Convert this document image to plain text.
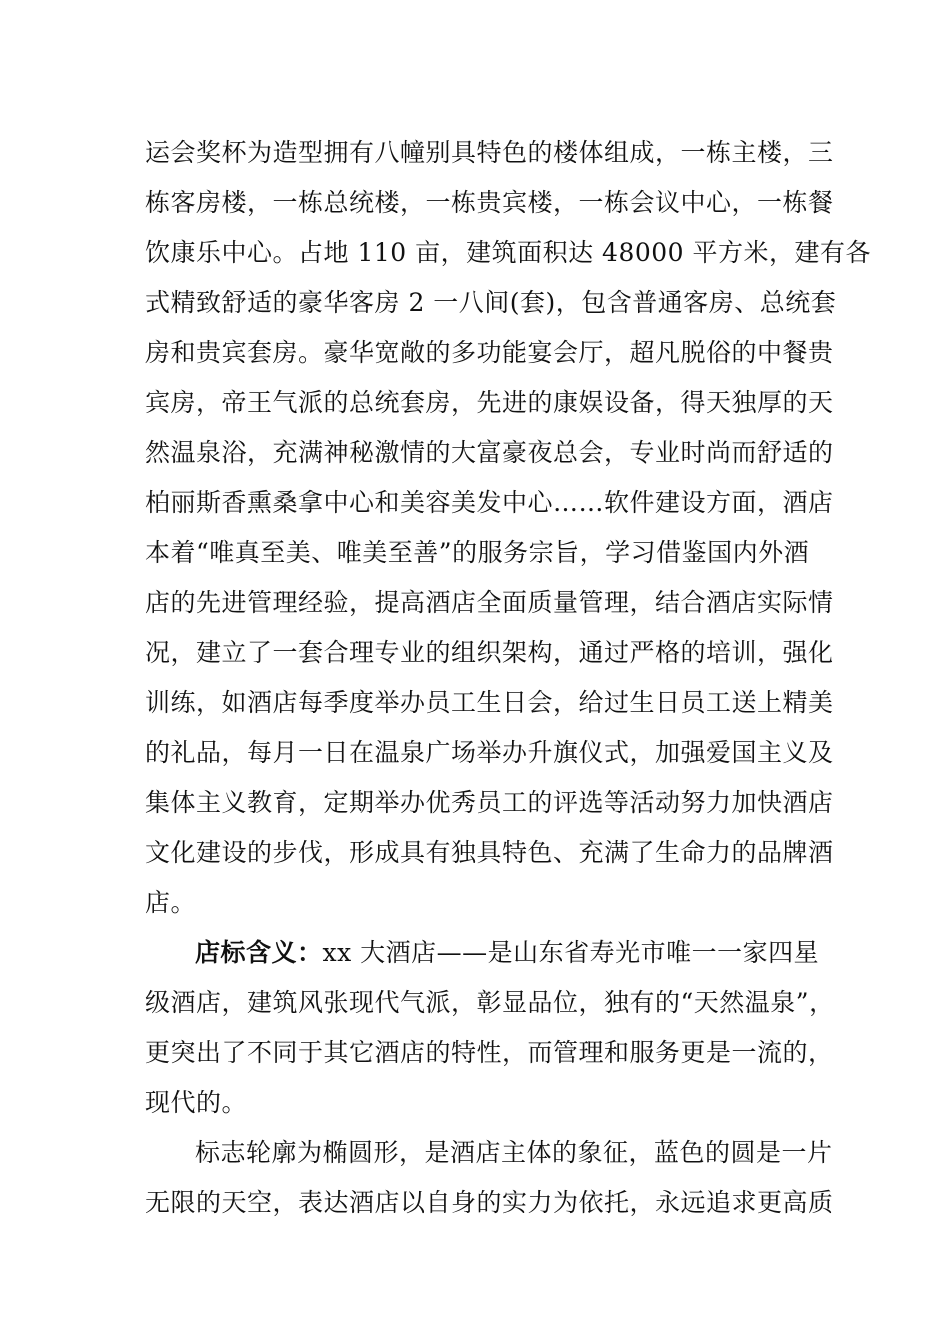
运会奖杯为造型拥有八幢别具特色的楼体组成，一栋主楼，三
栋客房楼，一栋总统楼，一栋贵宾楼，一栋会议中心，一栋餐
饮康乐中心。占地 110 亩，建筑面积达 48000 平方米，建有各
式精致舒适的豪华客房 2 一八间(套)，包含普通客房、总统套
房和贵宾套房。豪华宽敞的多功能宴会厅，超凡脱俗的中餐贵
宾房，帝王气派的总统套房，先进的康娱设备，得天独厚的天
然温泉浴，充满神秘激情的大富豪夜总会，专业时尚而舒适的
柏丽斯香熏桑拿中心和美容美发中心……软件建设方面，酒店
本着“唯真至美、唯美至善”的服务宗旨，学习借鉴国内外酒
店的先进管理经验，提高酒店全面质量管理，结合酒店实际情
况，建立了一套合理专业的组织架构，通过严格的培训，强化
训练，如酒店每季度举办员工生日会，给过生日员工送上精美
的礼品，每月一日在温泉广场举办升旗仪式，加强爱国主义及
集体主义教育，定期举办优秀员工的评选等活动努力加快酒店
文化建设的步伐，形成具有独具特色、充满了生命力的品牌酒
店。
店标含义：xx 大酒店——是山东省寿光市唯一一家四星
级酒店，建筑风张现代气派，彰显品位，独有的“天然温泉”，
更突出了不同于其它酒店的特性，而管理和服务更是一流的，
现代的。
标志轮廓为椭圆形，是酒店主体的象征，蓝色的圆是一片
无限的天空，表达酒店以自身的实力为依托，永远追求更高质
